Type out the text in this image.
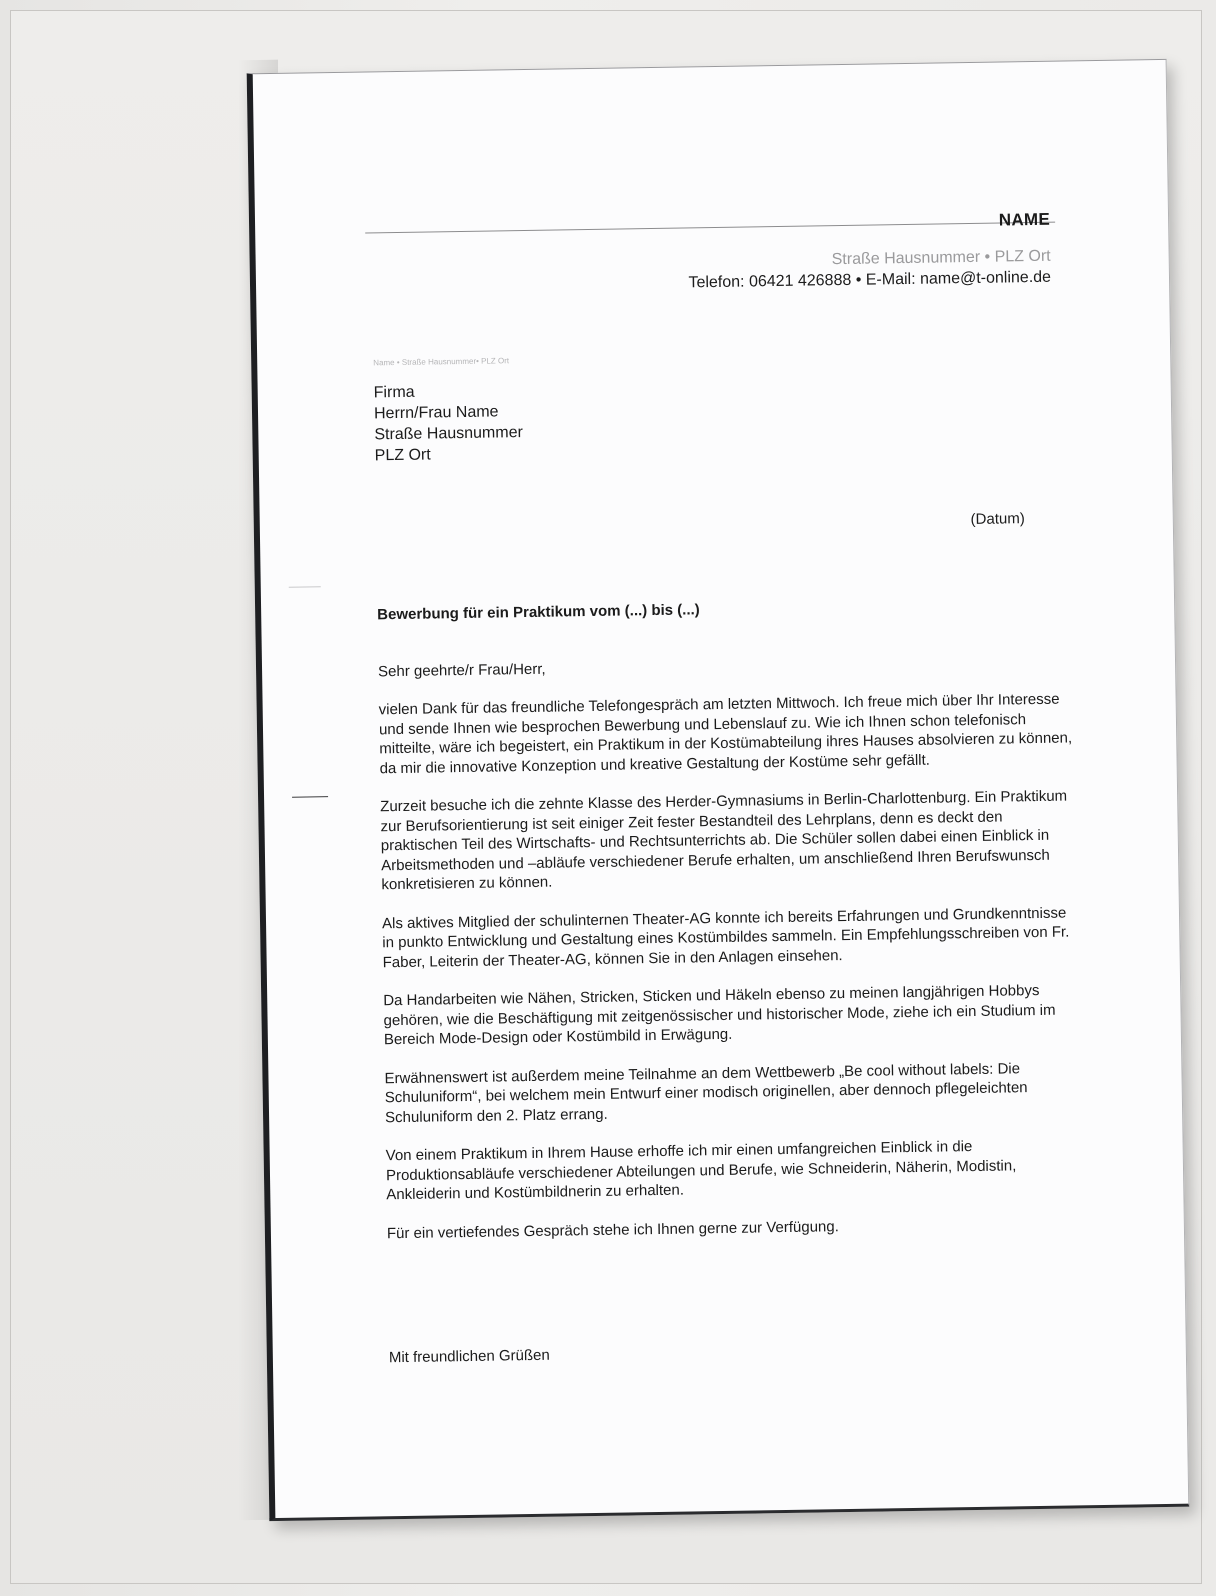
NAME
Straße Hausnummer • PLZ Ort
Telefon: 06421 426888 • E-Mail: name@t-online.de
Name • Straße Hausnummer• PLZ Ort
Firma
Herrn/Frau Name
Straße Hausnummer
PLZ Ort
(Datum)
Bewerbung für ein Praktikum vom (...) bis (...)
Sehr geehrte/r Frau/Herr,

vielen Dank für das freundliche Telefongespräch am letzten Mittwoch. Ich freue mich über Ihr Interesse und sende Ihnen wie besprochen Bewerbung und Lebenslauf zu. Wie ich Ihnen schon telefonisch mitteilte, wäre ich begeistert, ein Praktikum in der Kostümabteilung ihres Hauses absolvieren zu können, da mir die innovative Konzeption und kreative Gestaltung der Kostüme sehr gefällt.

Zurzeit besuche ich die zehnte Klasse des Herder-Gymnasiums in Berlin-Charlottenburg. Ein Praktikum zur Berufsorientierung ist seit einiger Zeit fester Bestandteil des Lehrplans, denn es deckt den praktischen Teil des Wirtschafts- und Rechtsunterrichts ab. Die Schüler sollen dabei einen Einblick in Arbeitsmethoden und –abläufe verschiedener Berufe erhalten, um anschließend Ihren Berufswunsch konkretisieren zu können.

Als aktives Mitglied der schulinternen Theater-AG konnte ich bereits Erfahrungen und Grundkenntnisse in punkto Entwicklung und Gestaltung eines Kostümbildes sammeln. Ein Empfehlungsschreiben von Fr. Faber, Leiterin der Theater-AG, können Sie in den Anlagen einsehen.

Da Handarbeiten wie Nähen, Stricken, Sticken und Häkeln ebenso zu meinen langjährigen Hobbys gehören, wie die Beschäftigung mit zeitgenössischer und historischer Mode, ziehe ich ein Studium im Bereich Mode-Design oder Kostümbild in Erwägung.

Erwähnenswert ist außerdem meine Teilnahme an dem Wettbewerb „Be cool without labels: Die Schuluniform“, bei welchem mein Entwurf einer modisch originellen, aber dennoch pflegeleichten Schuluniform den 2. Platz errang.

Von einem Praktikum in Ihrem Hause erhoffe ich mir einen umfangreichen Einblick in die Produktionsabläufe verschiedener Abteilungen und Berufe, wie Schneiderin, Näherin, Modistin, Ankleiderin und Kostümbildnerin zu erhalten.

Für ein vertiefendes Gespräch stehe ich Ihnen gerne zur Verfügung.

Mit freundlichen Grüßen
